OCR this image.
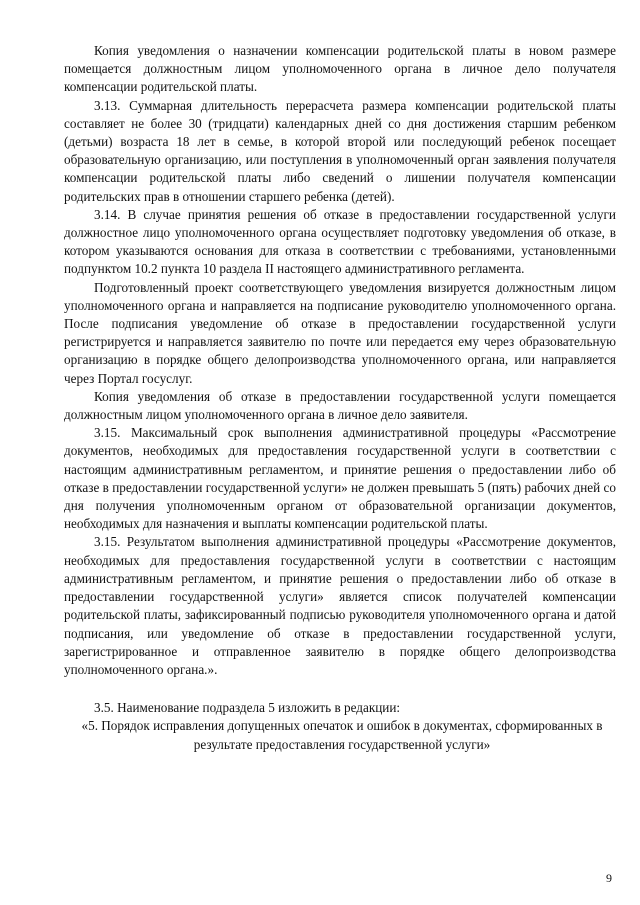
Копия уведомления о назначении компенсации родительской платы в новом размере помещается должностным лицом уполномоченного органа в личное дело получателя компенсации родительской платы.

3.13. Суммарная длительность перерасчета размера компенсации родительской платы составляет не более 30 (тридцати) календарных дней со дня достижения старшим ребенком (детьми) возраста 18 лет в семье, в которой второй или последующий ребенок посещает образовательную организацию, или поступления в уполномоченный орган заявления получателя компенсации родительской платы либо сведений о лишении получателя компенсации родительских прав в отношении старшего ребенка (детей).

3.14. В случае принятия решения об отказе в предоставлении государственной услуги должностное лицо уполномоченного органа осуществляет подготовку уведомления об отказе, в котором указываются основания для отказа в соответствии с требованиями, установленными подпунктом 10.2 пункта 10 раздела II настоящего административного регламента.

Подготовленный проект соответствующего уведомления визируется должностным лицом уполномоченного органа и направляется на подписание руководителю уполномоченного органа. После подписания уведомление об отказе в предоставлении государственной услуги регистрируется и направляется заявителю по почте или передается ему через образовательную организацию в порядке общего делопроизводства уполномоченного органа, или направляется через Портал госуслуг.

Копия уведомления об отказе в предоставлении государственной услуги помещается должностным лицом уполномоченного органа в личное дело заявителя.

3.15. Максимальный срок выполнения административной процедуры «Рассмотрение документов, необходимых для предоставления государственной услуги в соответствии с настоящим административным регламентом, и принятие решения о предоставлении либо об отказе в предоставлении государственной услуги» не должен превышать 5 (пять) рабочих дней со дня получения уполномоченным органом от образовательной организации документов, необходимых для назначения и выплаты компенсации родительской платы.

3.15. Результатом выполнения административной процедуры «Рассмотрение документов, необходимых для предоставления государственной услуги в соответствии с настоящим административным регламентом, и принятие решения о предоставлении либо об отказе в предоставлении государственной услуги» является список получателей компенсации родительской платы, зафиксированный подписью руководителя уполномоченного органа и датой подписания, или уведомление об отказе в предоставлении государственной услуги, зарегистрированное и отправленное заявителю в порядке общего делопроизводства уполномоченного органа.».

3.5. Наименование подраздела 5 изложить в редакции:

«5. Порядок исправления допущенных опечаток и ошибок в документах, сформированных в результате предоставления государственной услуги»

9
